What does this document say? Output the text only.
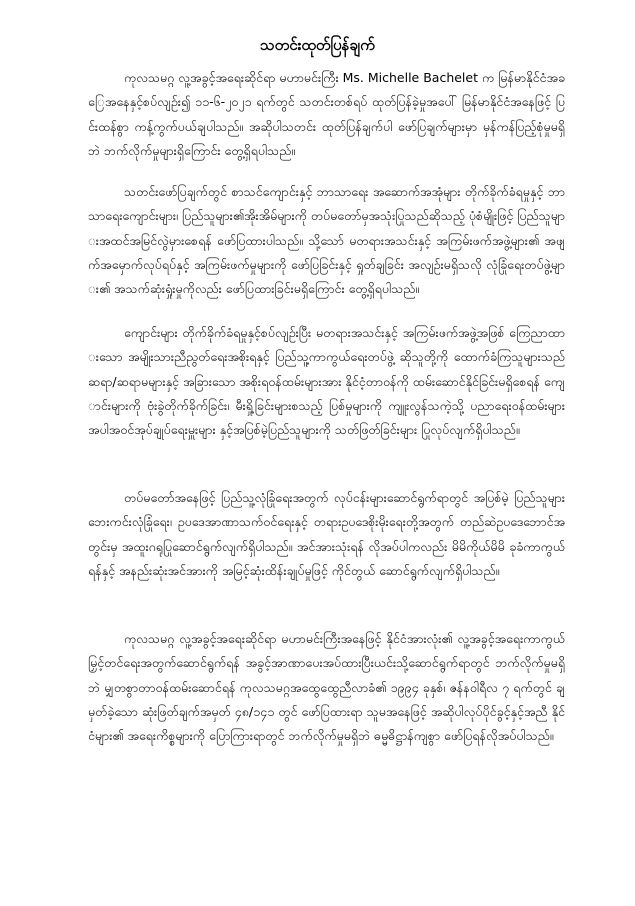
သတင်းထုတ်ပြန်ချက်

ကုလသမဂ္ဂ လူ့အခွင့်အရေးဆိုင်ရာ မဟာမင်းကြီး Ms. Michelle Bachelet က မြန်မာနိုင်ငံအခြေအနေနှင့်စပ်လျဉ်း၍ ၁၁-၆-၂၀၂၁ ရက်တွင် သတင်းတစ်ရပ် ထုတ်ပြန်ခဲ့မှုအပေါ် မြန်မာနိုင်ငံအနေဖြင့် ပြင်းထန်စွာ ကန့်ကွက်ပယ်ချပါသည်။ အဆိုပါသတင်း ထုတ်ပြန်ချက်ပါ ဖော်ပြချက်များမှာ မှန်ကန်ပြည့်စုံမှုမရှိဘဲ ဘက်လိုက်မှုများရှိကြောင်း တွေ့ရှိရပါသည်။

သတင်းဖော်ပြချက်တွင် စာသင်ကျောင်းနှင့် ဘာသာရေး အဆောက်အအုံများ တိုက်ခိုက်ခံရမှုနှင့် ဘာသာရေးကျောင်းများ၊ ပြည်သူများ၏အိုးအိမ်များကို တပ်မတော်မှအသုံးပြုသည်ဆိုသည့် ပုံစံမျိုးဖြင့် ပြည်သူများအထင်အမြင်လွဲမှားစေရန် ဖော်ပြထားပါသည်။ သို့သော် မတရားအသင်းနှင့် အကြမ်းဖက်အဖွဲ့များ၏ အဖျက်အမှောက်လုပ်ရပ်နှင့် အကြမ်းဖက်မှုများကို ဖော်ပြခြင်းနှင့် ရှုတ်ချခြင်း အလျဉ်းမရှိသလို လုံခြုံရေးတပ်ဖွဲ့များ၏ အသက်ဆုံးရှုံးမှုကိုလည်း ဖော်ပြထားခြင်းမရှိကြောင်း တွေ့ရှိရပါသည်။

ကျောင်းများ တိုက်ခိုက်ခံရမှုနှင့်စပ်လျဉ်းပြီး မတရားအသင်းနှင့် အကြမ်းဖက်အဖွဲ့အဖြစ် ကြေညာထားသော အမျိုးသားညီညွတ်ရေးအစိုးရနှင့် ပြည်သူ့ကာကွယ်ရေးတပ်ဖွဲ့ ဆိုသူတို့ကို ထောက်ခံကြသူများသည် ဆရာ/ဆရာမများနှင့် အခြားသော အစိုးရဝန်ထမ်းများအား နိုင်ငံ့တာဝန်ကို ထမ်းဆောင်နိုင်ခြင်းမရှိစေရန် ကျောင်းများကို ဗုံးခွဲတိုက်ခိုက်ခြင်း၊ မီးရှို့ခြင်းများစသည့် ပြစ်မှုများကို ကျူးလွန်သကဲ့သို့ ပညာရေးဝန်ထမ်းများ အပါအဝင်အုပ်ချုပ်ရေးမှူးများ နှင့်အပြစ်မဲ့ပြည်သူများကို သတ်ဖြတ်ခြင်းများ ပြုလုပ်လျက်ရှိပါသည်။

တပ်မတော်အနေဖြင့် ပြည်သူ့လုံခြုံရေးအတွက် လုပ်ငန်းများဆောင်ရွက်ရာတွင် အပြစ်မဲ့ ပြည်သူများ ဘေးကင်းလုံခြုံရေး၊ ဥပဒေအာဏာသက်ဝင်ရေးနှင့် တရားဥပဒေစိုးမိုးရေးတို့အတွက် တည်ဆဲဥပဒေဘောင်အတွင်းမှ အထူးဂရုပြုဆောင်ရွက်လျက်ရှိပါသည်။ အင်အားသုံးရန် လိုအပ်ပါကလည်း မိမိကိုယ်မိမိ ခုခံကာကွယ်ရန်နှင့် အနည်းဆုံးအင်အားကို အမြင့်ဆုံးထိန်းချုပ်မှုဖြင့် ကိုင်တွယ် ဆောင်ရွက်လျက်ရှိပါသည်။

ကုလသမဂ္ဂ လူ့အခွင့်အရေးဆိုင်ရာ မဟာမင်းကြီးအနေဖြင့် နိုင်ငံအားလုံး၏ လူ့အခွင့်အရေးကာကွယ်မြှင့်တင်ရေးအတွက်ဆောင်ရွက်ရန် အခွင့်အာဏာပေးအပ်ထားပြီးယင်းသို့ဆောင်ရွက်ရာတွင် ဘက်လိုက်မှုမရှိဘဲ မျှတစွာတာဝန်ထမ်းဆောင်ရန် ကုလသမဂ္ဂအထွေထွေညီလာခံ၏ ၁၉၉၄ ခုနှစ်၊ ဇန်နဝါရီလ ၇ ရက်တွင် ချမှတ်ခဲ့သော ဆုံးဖြတ်ချက်အမှတ် ၄၈/၁၄၁ တွင် ဖော်ပြထားရာ သူမအနေဖြင့် အဆိုပါလုပ်ပိုင်ခွင့်နှင့်အညီ နိုင်ငံများ၏ အရေးကိစ္စများကို ပြောကြားရာတွင် ဘက်လိုက်မှုမရှိဘဲ ဓမ္မဓိဋ္ဌာန်ကျစွာ ဖော်ပြရန်လိုအပ်ပါသည်။
